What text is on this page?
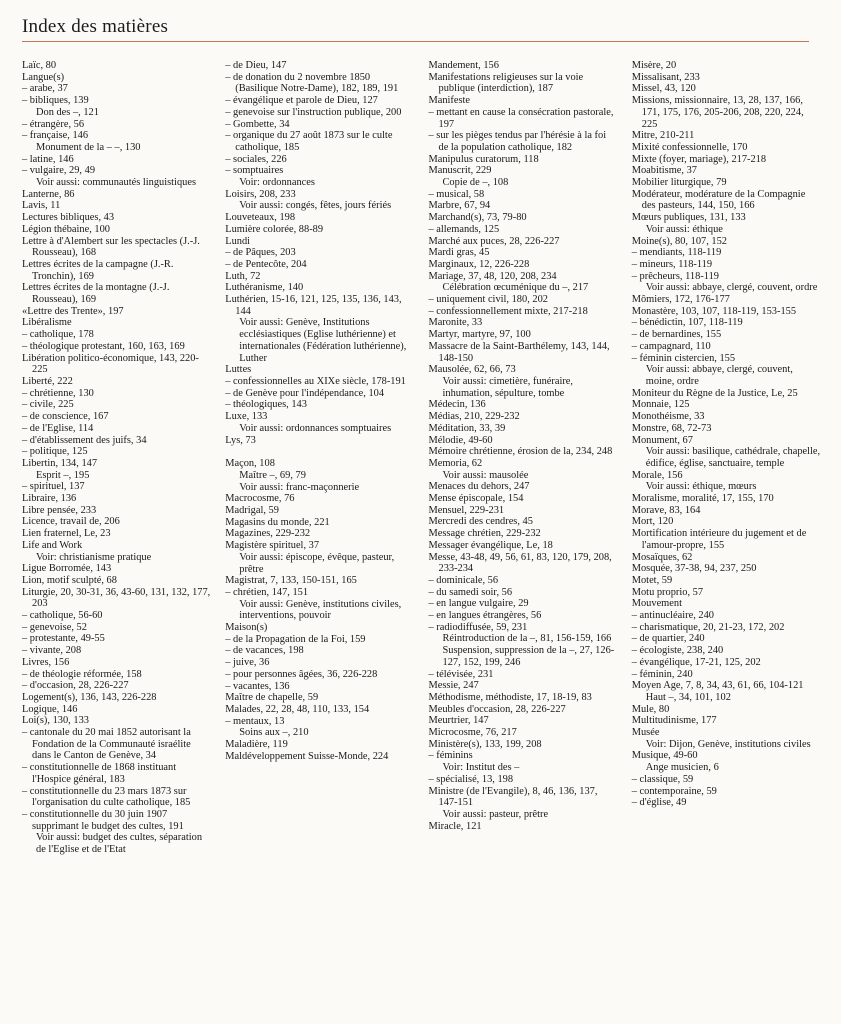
Index des matières
Laïc, 80
Langue(s)
– arabe, 37
– bibliques, 139
Don des –, 121
– étrangère, 56
– française, 146
Monument de la – –, 130
– latine, 146
– vulgaire, 29, 49
Voir aussi: communautés linguistiques
Lanterne, 86
Lavis, 11
Lectures bibliques, 43
Légion thébaine, 100
Lettre à d'Alembert sur les spectacles (J.-J. Rousseau), 168
Lettres écrites de la campagne (J.-R. Tronchin), 169
Lettres écrites de la montagne (J.-J. Rousseau), 169
«Lettre des Trente», 197
Libéralisme
– catholique, 178
– théologique protestant, 160, 163, 169
Libération politico-économique, 143, 220-225
Liberté, 222
– chrétienne, 130
– civile, 225
– de conscience, 167
– de l'Eglise, 114
– d'établissement des juifs, 34
– politique, 125
Libertin, 134, 147
Esprit –, 195
– spirituel, 137
Libraire, 136
Libre pensée, 233
Licence, travail de, 206
Lien fraternel, Le, 23
Life and Work
Voir: christianisme pratique
Ligue Borromée, 143
Lion, motif sculpté, 68
Liturgie, 20, 30-31, 36, 43-60, 131, 132, 177, 203
– catholique, 56-60
– genevoise, 52
– protestante, 49-55
– vivante, 208
Livres, 156
– de théologie réformée, 158
– d'occasion, 28, 226-227
Logement(s), 136, 143, 226-228
Logique, 146
Loi(s), 130, 133
– cantonale du 20 mai 1852 autorisant la Fondation de la Communauté israélite dans le Canton de Genève, 34
– constitutionnelle de 1868 instituant l'Hospice général, 183
– constitutionnelle du 23 mars 1873 sur l'organisation du culte catholique, 185
– constitutionnelle du 30 juin 1907 supprimant le budget des cultes, 191
Voir aussi: budget des cultes, séparation de l'Eglise et de l'Etat
– de Dieu, 147
– de donation du 2 novembre 1850 (Basilique Notre-Dame), 182, 189, 191
– évangélique et parole de Dieu, 127
– genevoise sur l'instruction publique, 200
– Gombette, 34
– organique du 27 août 1873 sur le culte catholique, 185
– sociales, 226
– somptuaires
Voir: ordonnances
Loisirs, 208, 233
Voir aussi: congés, fêtes, jours fériés
Louveteaux, 198
Lumière colorée, 88-89
Lundi
– de Pâques, 203
– de Pentecôte, 204
Luth, 72
Luthéranisme, 140
Luthérien, 15-16, 121, 125, 135, 136, 143, 144
Voir aussi: Genève, Institutions ecclésiastiques (Eglise luthérienne) et internationales (Fédération luthérienne), Luther
Luttes
– confessionnelles au XIXe siècle, 178-191
– de Genève pour l'indépendance, 104
– théologiques, 143
Luxe, 133
Voir aussi: ordonnances somptuaires
Lys, 73
Maçon, 108
Maître –, 69, 79
Voir aussi: franc-maçonnerie
Macrocosme, 76
Madrigal, 59
Magasins du monde, 221
Magazines, 229-232
Magistère spirituel, 37
Voir aussi: épiscope, évêque, pasteur, prêtre
Magistrat, 7, 133, 150-151, 165
– chrétien, 147, 151
Voir aussi: Genève, institutions civiles, interventions, pouvoir
Maison(s)
– de la Propagation de la Foi, 159
– de vacances, 198
– juive, 36
– pour personnes âgées, 36, 226-228
– vacantes, 136
Maître de chapelle, 59
Malades, 22, 28, 48, 110, 133, 154
– mentaux, 13
Soins aux –, 210
Maladière, 119
Maldéveloppement Suisse-Monde, 224
Mandement, 156
Manifestations religieuses sur la voie publique (interdiction), 187
Manifeste
– mettant en cause la consécration pastorale, 197
– sur les pièges tendus par l'hérésie à la foi de la population catholique, 182
Manipulus curatorum, 118
Manuscrit, 229
Copie de –, 108
– musical, 58
Marbre, 67, 94
Marchand(s), 73, 79-80
– allemands, 125
Marché aux puces, 28, 226-227
Mardi gras, 45
Marginaux, 12, 226-228
Mariage, 37, 48, 120, 208, 234
Célébration œcuménique du –, 217
– uniquement civil, 180, 202
– confessionnellement mixte, 217-218
Maronite, 33
Martyr, martyre, 97, 100
Massacre de la Saint-Barthélemy, 143, 144, 148-150
Mausolée, 62, 66, 73
Voir aussi: cimetière, funéraire, inhumation, sépulture, tombe
Médecin, 136
Médias, 210, 229-232
Méditation, 33, 39
Mélodie, 49-60
Mémoire chrétienne, érosion de la, 234, 248
Memoria, 62
Voir aussi: mausolée
Menaces du dehors, 247
Mense épiscopale, 154
Mensuel, 229-231
Mercredi des cendres, 45
Message chrétien, 229-232
Messager évangélique, Le, 18
Messe, 43-48, 49, 56, 61, 83, 120, 179, 208, 233-234
– dominicale, 56
– du samedi soir, 56
– en langue vulgaire, 29
– en langues étrangères, 56
– radiodiffusée, 59, 231
Réintroduction de la –, 81, 156-159, 166
Suspension, suppression de la –, 27, 126-127, 152, 199, 246
– télévisée, 231
Messie, 247
Méthodisme, méthodiste, 17, 18-19, 83
Meubles d'occasion, 28, 226-227
Meurtrier, 147
Microcosme, 76, 217
Ministère(s), 133, 199, 208
– féminins
Voir: Institut des –
– spécialisé, 13, 198
Ministre (de l'Evangile), 8, 46, 136, 137, 147-151
Voir aussi: pasteur, prêtre
Miracle, 121
Misère, 20
Missalisant, 233
Missel, 43, 120
Missions, missionnaire, 13, 28, 137, 166, 171, 175, 176, 205-206, 208, 220, 224, 225
Mitre, 210-211
Mixité confessionnelle, 170
Mixte (foyer, mariage), 217-218
Moabitisme, 37
Mobilier liturgique, 79
Modérateur, modérature de la Compagnie des pasteurs, 144, 150, 166
Mœurs publiques, 131, 133
Voir aussi: éthique
Moine(s), 80, 107, 152
– mendiants, 118-119
– mineurs, 118-119
– prêcheurs, 118-119
Voir aussi: abbaye, clergé, couvent, ordre
Mômiers, 172, 176-177
Monastère, 103, 107, 118-119, 153-155
– bénédictin, 107, 118-119
– de bernardines, 155
– campagnard, 110
– féminin cistercien, 155
Voir aussi: abbaye, clergé, couvent, moine, ordre
Moniteur du Règne de la Justice, Le, 25
Monnaie, 125
Monothéisme, 33
Monstre, 68, 72-73
Monument, 67
Voir aussi: basilique, cathédrale, chapelle, édifice, église, sanctuaire, temple
Morale, 156
Voir aussi: éthique, mœurs
Moralisme, moralité, 17, 155, 170
Morave, 83, 164
Mort, 120
Mortification intérieure du jugement et de l'amour-propre, 155
Mosaïques, 62
Mosquée, 37-38, 94, 237, 250
Motet, 59
Motu proprio, 57
Mouvement
– antinucléaire, 240
– charismatique, 20, 21-23, 172, 202
– de quartier, 240
– écologiste, 238, 240
– évangélique, 17-21, 125, 202
– féminin, 240
Moyen Age, 7, 8, 34, 43, 61, 66, 104-121
Haut –, 34, 101, 102
Mule, 80
Multitudinisme, 177
Musée
Voir: Dijon, Genève, institutions civiles
Musique, 49-60
Ange musicien, 6
– classique, 59
– contemporaine, 59
– d'église, 49
